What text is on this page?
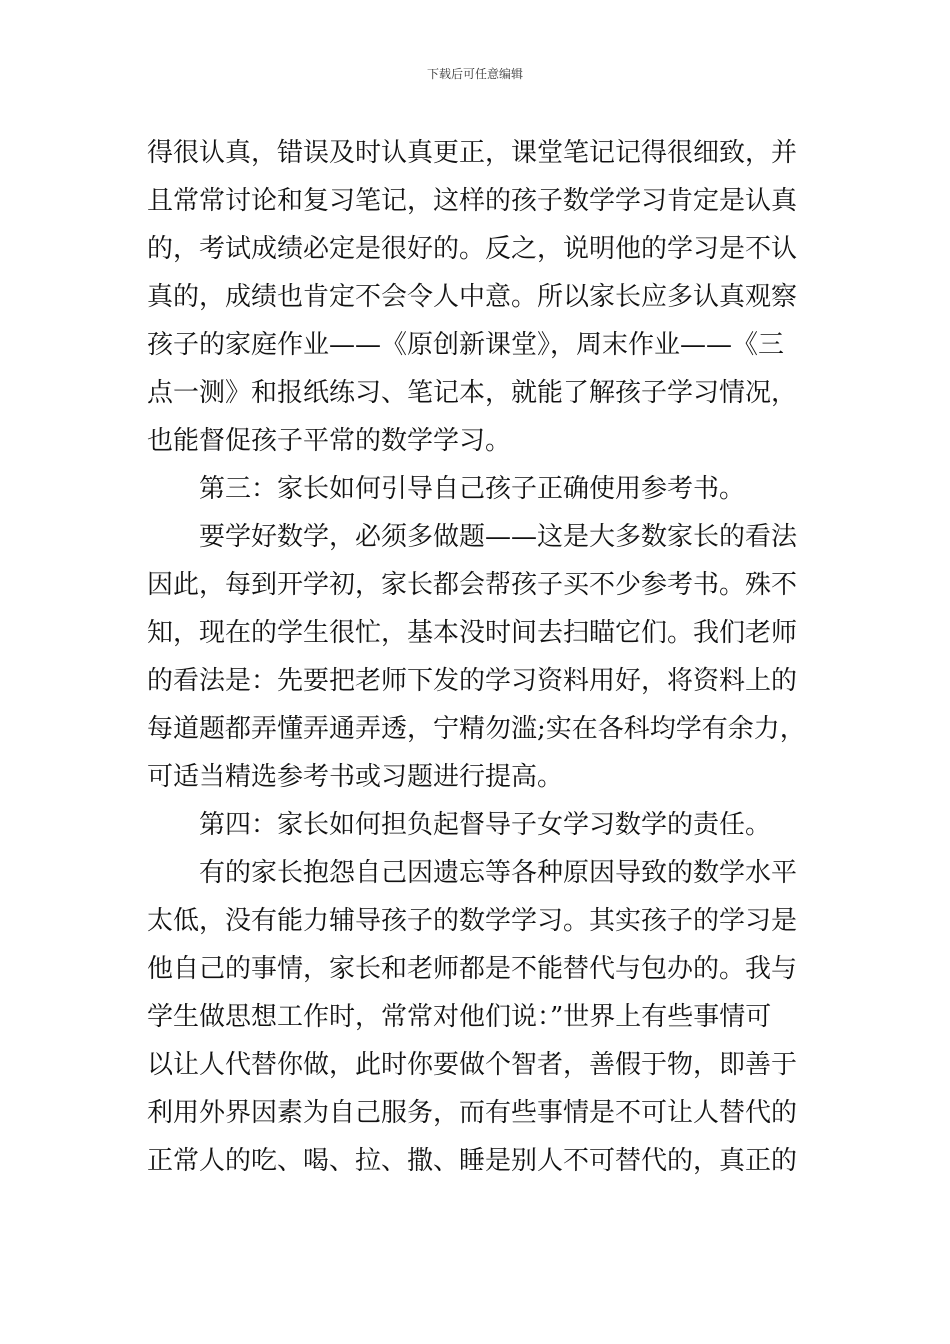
下载后可任意编辑
得很认真，错误及时认真更正，课堂笔记记得很细致，并
且常常讨论和复习笔记，这样的孩子数学学习肯定是认真
的，考试成绩必定是很好的。反之，说明他的学习是不认
真的，成绩也肯定不会令人中意。所以家长应多认真观察
孩子的家庭作业——《原创新课堂》，周末作业——《三
点一测》和报纸练习、笔记本，就能了解孩子学习情况，
也能督促孩子平常的数学学习。
第三：家长如何引导自己孩子正确使用参考书。
要学好数学，必须多做题——这是大多数家长的看法
因此，每到开学初，家长都会帮孩子买不少参考书。殊不
知，现在的学生很忙，基本没时间去扫瞄它们。我们老师
的看法是：先要把老师下发的学习资料用好，将资料上的
每道题都弄懂弄通弄透，宁精勿滥;实在各科均学有余力，
可适当精选参考书或习题进行提高。
第四：家长如何担负起督导子女学习数学的责任。
有的家长抱怨自己因遗忘等各种原因导致的数学水平
太低，没有能力辅导孩子的数学学习。其实孩子的学习是
他自己的事情，家长和老师都是不能替代与包办的。我与
学生做思想工作时，常常对他们说：”世界上有些事情可
以让人代替你做，此时你要做个智者，善假于物，即善于
利用外界因素为自己服务，而有些事情是不可让人替代的
正常人的吃、喝、拉、撒、睡是别人不可替代的，真正的
